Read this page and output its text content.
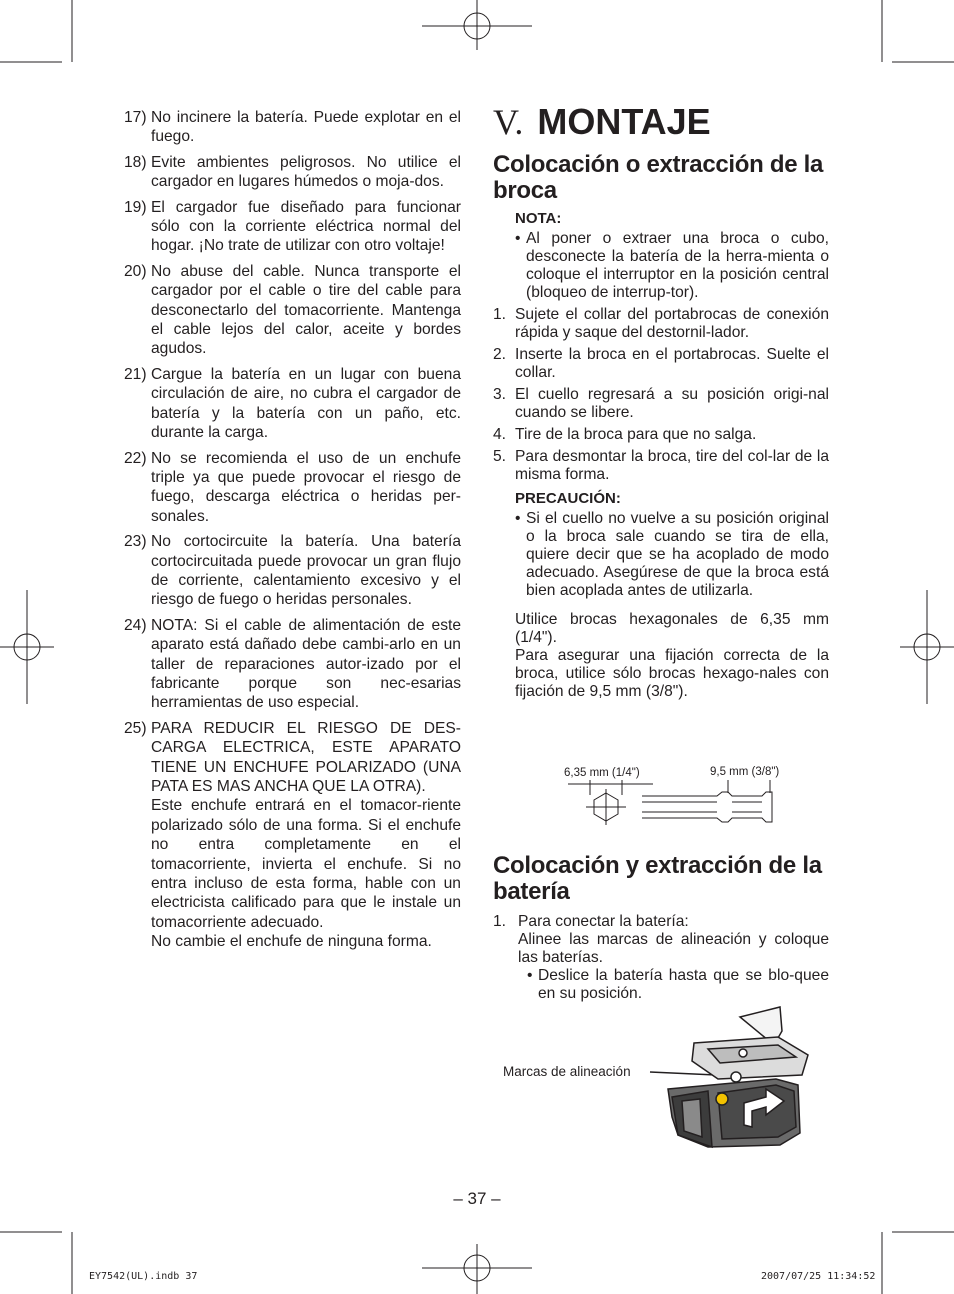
17) No incinere la batería. Puede explotar en el fuego.
18) Evite ambientes peligrosos. No utilice el cargador en lugares húmedos o moja-dos.
19) El cargador fue diseñado para funcionar sólo con la corriente eléctrica normal del hogar. ¡No trate de utilizar con otro voltaje!
20) No abuse del cable. Nunca transporte el cargador por el cable o tire del cable para desconectarlo del tomacorriente. Mantenga el cable lejos del calor, aceite y bordes agudos.
21) Cargue la batería en un lugar con buena circulación de aire, no cubra el cargador de batería y la batería con un paño, etc. durante la carga.
22) No se recomienda el uso de un enchufe triple ya que puede provocar el riesgo de fuego, descarga eléctrica o heridas per-sonales.
23) No cortocircuite la batería. Una batería cortocircuitada puede provocar un gran flujo de corriente, calentamiento excesivo y el riesgo de fuego o heridas personales.
24) NOTA: Si el cable de alimentación de este aparato está dañado debe cambi-arlo en un taller de reparaciones autor-izado por el fabricante porque son nec-esarias herramientas de uso especial.
25) PARA REDUCIR EL RIESGO DE DES-CARGA ELECTRICA, ESTE APARATO TIENE UN ENCHUFE POLARIZADO (UNA PATA ES MAS ANCHA QUE LA OTRA).
Este enchufe entrará en el tomacor-riente polarizado sólo de una forma. Si el enchufe no entra completamente en el tomacorriente, invierta el enchufe. Si no entra incluso de esta forma, hable con un electricista calificado para que le instale un tomacorriente adecuado.
No cambie el enchufe de ninguna forma.
V. MONTAJE
Colocación o extracción de la broca
NOTA:
• Al poner o extraer una broca o cubo, desconecte la batería de la herra-mienta o coloque el interruptor en la posición central (bloqueo de interrup-tor).
1. Sujete el collar del portabrocas de conexión rápida y saque del destornil-lador.
2. Inserte la broca en el portabrocas. Suelte el collar.
3. El cuello regresará a su posición origi-nal cuando se libere.
4. Tire de la broca para que no salga.
5. Para desmontar la broca, tire del col-lar de la misma forma.
PRECAUCIÓN:
• Si el cuello no vuelve a su posición original o la broca sale cuando se tira de ella, quiere decir que se ha acoplado de modo adecuado. Asegúrese de que la broca está bien acoplada antes de utilizarla.
Utilice brocas hexagonales de 6,35 mm (1/4").
Para asegurar una fijación correcta de la broca, utilice sólo brocas hexago-nales con fijación de 9,5 mm (3/8").
6,35 mm (1/4")	9,5 mm (3/8")
Colocación y extracción de la batería
1. Para conectar la batería:
Alinee las marcas de alineación y coloque las baterías.
• Deslice la batería hasta que se blo-quee en su posición.
Marcas de alineación
– 37 –
EY7542(UL).indb 37	2007/07/25 11:34:52
